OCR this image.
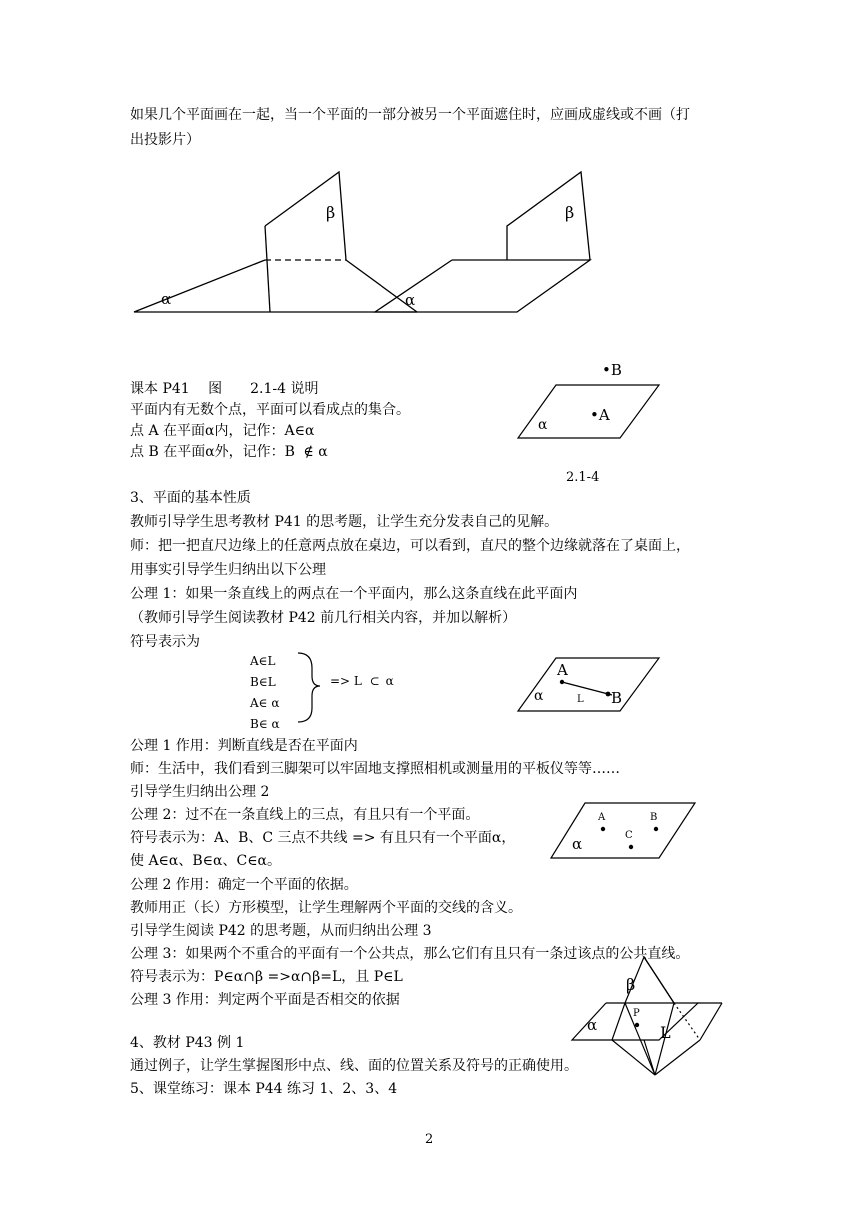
如果几个平面画在一起，当一个平面的一部分被另一个平面遮住时，应画成虚线或不画（打
出投影片）
α
β
α
β
•B
•A
α
2.1-4
课本 P41　 图　　2.1-4 说明
平面内有无数个点，平面可以看成点的集合。
点 A 在平面α内，记作：A∈α
点 B 在平面α外，记作：B ∉ α
3、平面的基本性质
教师引导学生思考教材 P41 的思考题，让学生充分发表自己的见解。
师：把一把直尺边缘上的任意两点放在桌边，可以看到，直尺的整个边缘就落在了桌面上，
用事实引导学生归纳出以下公理
公理 1：如果一条直线上的两点在一个平面内，那么这条直线在此平面内
（教师引导学生阅读教材 P42 前几行相关内容，并加以解析）
符号表示为
A∈L
B∈L
A∈ α
B∈ α
=> L ⊂ α
A
B
α	L
公理 1 作用：判断直线是否在平面内
师：生活中，我们看到三脚架可以牢固地支撑照相机或测量用的平板仪等等……
引导学生归纳出公理 2
公理 2：过不在一条直线上的三点，有且只有一个平面。
符号表示为：A、B、C 三点不共线 => 有且只有一个平面α，
使 A∈α、B∈α、C∈α。
A	B
C
α
公理 2 作用：确定一个平面的依据。
教师用正（长）方形模型，让学生理解两个平面的交线的含义。
引导学生阅读 P42 的思考题，从而归纳出公理 3
公理 3：如果两个不重合的平面有一个公共点，那么它们有且只有一条过该点的公共直线。
符号表示为：P∈α∩β =>α∩β=L，且 P∈L
公理 3 作用：判定两个平面是否相交的依据
β
α
P
L
4、教材 P43 例 1
通过例子，让学生掌握图形中点、线、面的位置关系及符号的正确使用。
5、课堂练习：课本 P44 练习 1、2、3、4
2
